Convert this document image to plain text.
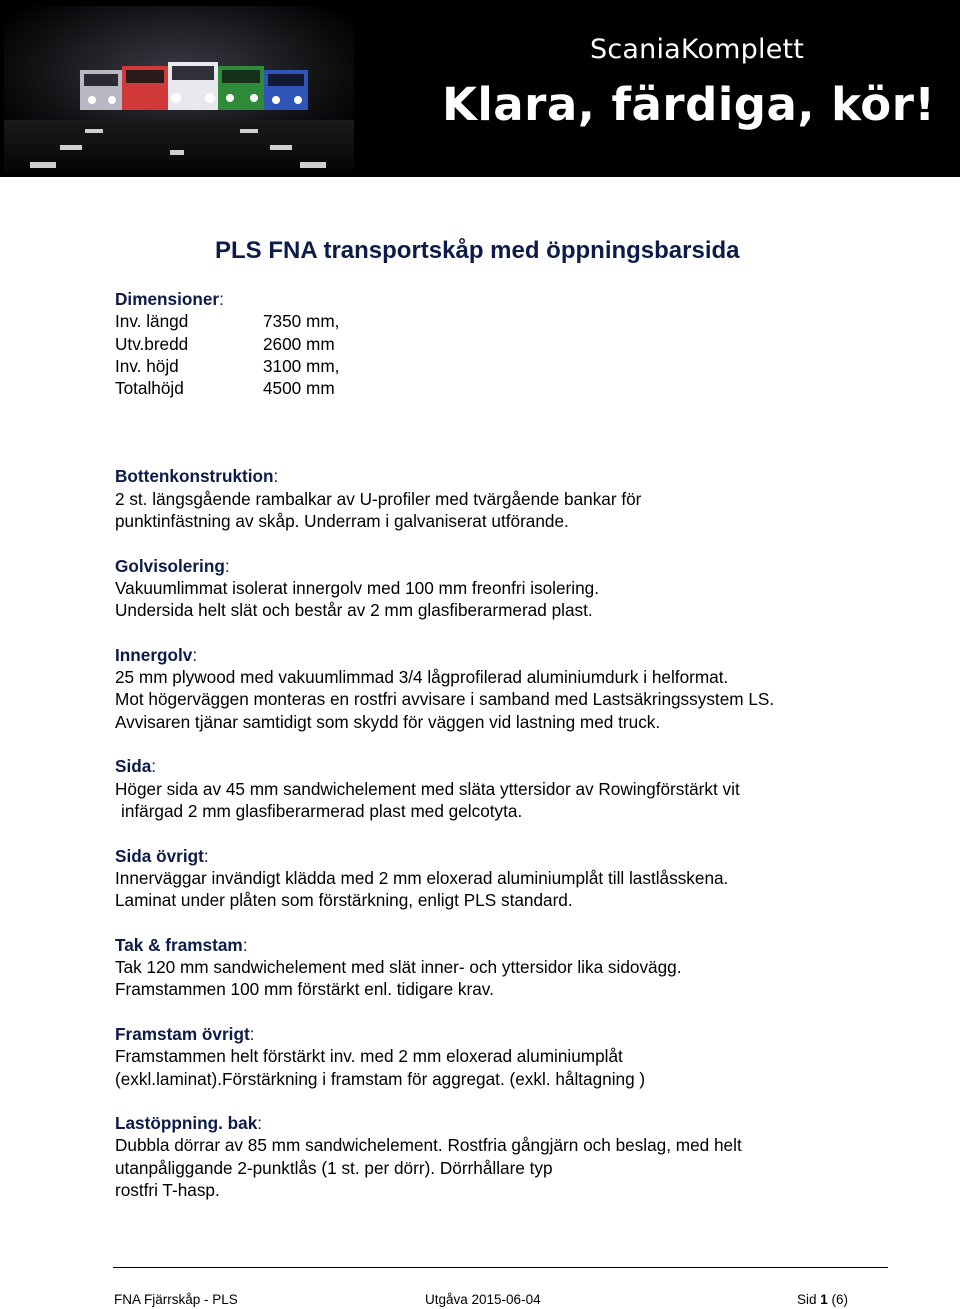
ScaniaKomplett
Klara, färdiga, kör!
PLS FNA transportskåp med öppningsbarsida
Dimensioner:
Inv. längd	7350 mm,
Utv.bredd	2600 mm
Inv. höjd	3100 mm,
Totalhöjd	4500 mm
Bottenkonstruktion:
2 st. längsgående rambalkar av U-profiler med tvärgående bankar för
punktinfästning av skåp. Underram i galvaniserat utförande.
Golvisolering:
Vakuumlimmat isolerat innergolv med 100 mm freonfri isolering.
Undersida helt slät och består av 2 mm glasfiberarmerad plast.
Innergolv:
25 mm plywood med vakuumlimmad 3/4 lågprofilerad aluminiumdurk i helformat.
Mot högerväggen monteras en rostfri avvisare i samband med Lastsäkringssystem LS.
Avvisaren tjänar samtidigt som skydd för väggen vid lastning med truck.
Sida:
Höger sida av 45 mm sandwichelement med släta yttersidor av Rowingförstärkt vit
infärgad 2 mm glasfiberarmerad plast med gelcotyta.
Sida övrigt:
Innerväggar invändigt klädda med 2 mm eloxerad aluminiumplåt till lastlåsskena.
Laminat under plåten som förstärkning, enligt PLS standard.
Tak & framstam:
Tak 120 mm sandwichelement med slät inner- och yttersidor lika sidovägg.
Framstammen 100 mm förstärkt enl. tidigare krav.
Framstam övrigt:
Framstammen helt förstärkt inv. med 2 mm eloxerad aluminiumplåt
(exkl.laminat).Förstärkning i framstam för aggregat. (exkl. håltagning )
Lastöppning. bak:
Dubbla dörrar av 85 mm sandwichelement. Rostfria gångjärn och beslag, med helt
utanpåliggande 2-punktlås (1 st. per dörr). Dörrhållare typ
rostfri T-hasp.
FNA Fjärrskåp - PLS	Utgåva 2015-06-04	Sid 1 (6)
